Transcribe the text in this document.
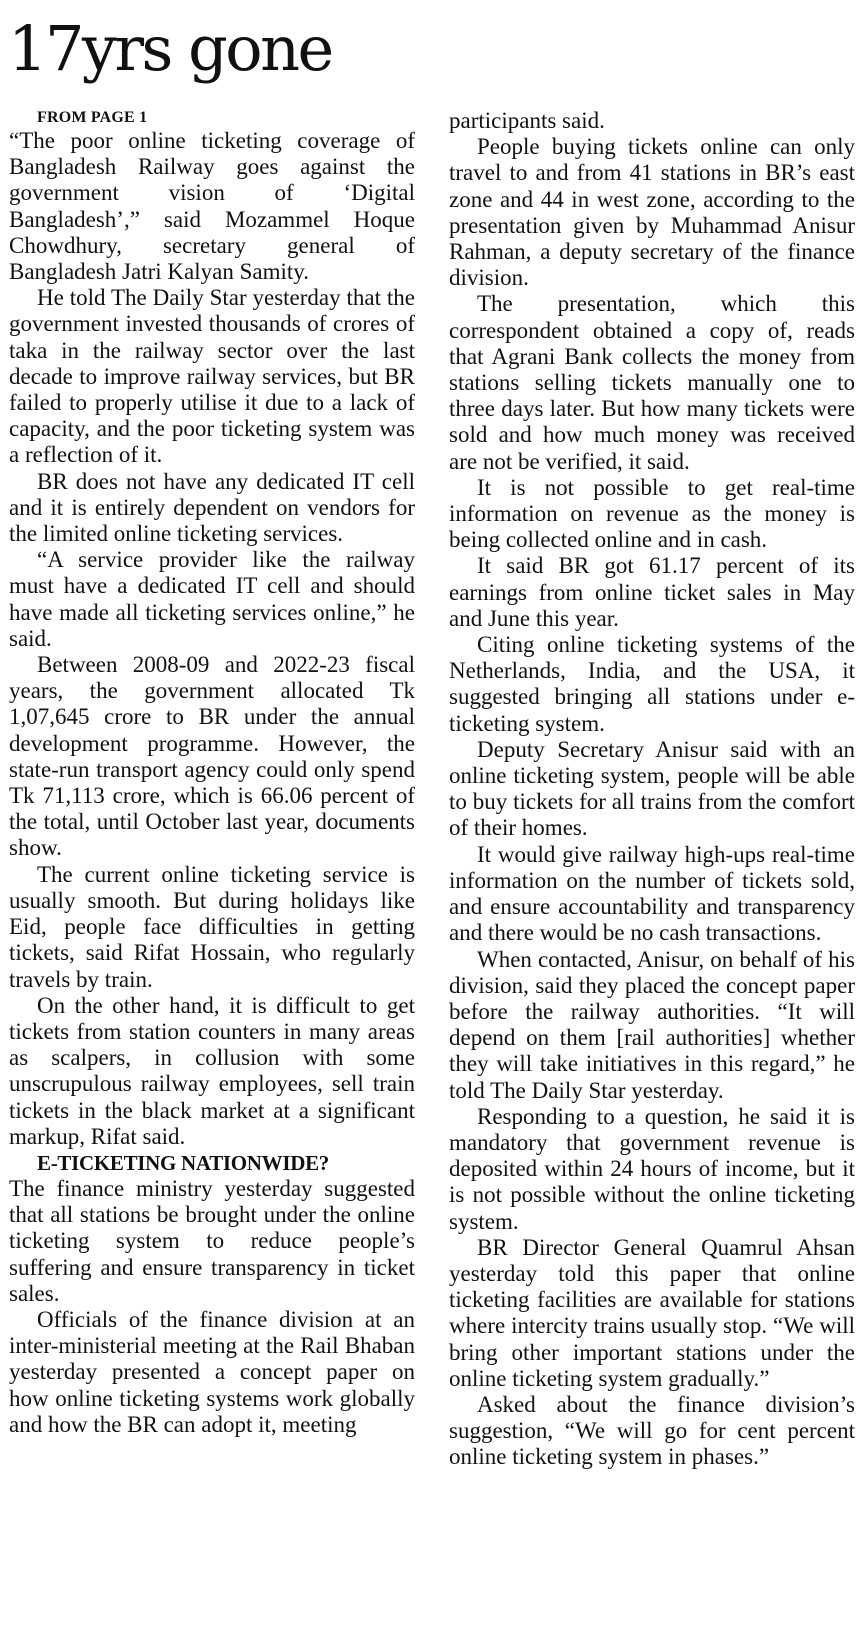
17yrs gone

FROM PAGE 1

“The poor online ticketing coverage of Bangladesh Railway goes against the government vision of ‘Digital Bangladesh’,” said Mozammel Hoque Chowdhury, secretary general of Bangladesh Jatri Kalyan Samity.

He told The Daily Star yesterday that the government invested thousands of crores of taka in the railway sector over the last decade to improve railway services, but BR failed to properly utilise it due to a lack of capacity, and the poor ticketing system was a reflection of it.

BR does not have any dedicated IT cell and it is entirely dependent on vendors for the limited online ticketing services.

“A service provider like the railway must have a dedicated IT cell and should have made all ticketing services online,” he said.

Between 2008-09 and 2022-23 fiscal years, the government allocated Tk 1,07,645 crore to BR under the annual development programme. However, the state-run transport agency could only spend Tk 71,113 crore, which is 66.06 percent of the total, until October last year, documents show.

The current online ticketing service is usually smooth. But during holidays like Eid, people face difficulties in getting tickets, said Rifat Hossain, who regularly travels by train.

On the other hand, it is difficult to get tickets from station counters in many areas as scalpers, in collusion with some unscrupulous railway employees, sell train tickets in the black market at a significant markup, Rifat said.

E-TICKETING NATIONWIDE?

The finance ministry yesterday suggested that all stations be brought under the online ticketing system to reduce people’s suffering and ensure transparency in ticket sales.

Officials of the finance division at an inter-ministerial meeting at the Rail Bhaban yesterday presented a concept paper on how online ticketing systems work globally and how the BR can adopt it, meeting

participants said.

People buying tickets online can only travel to and from 41 stations in BR’s east zone and 44 in west zone, according to the presentation given by Muhammad Anisur Rahman, a deputy secretary of the finance division.

The presentation, which this correspondent obtained a copy of, reads that Agrani Bank collects the money from stations selling tickets manually one to three days later. But how many tickets were sold and how much money was received are not be verified, it said.

It is not possible to get real-time information on revenue as the money is being collected online and in cash.

It said BR got 61.17 percent of its earnings from online ticket sales in May and June this year.

Citing online ticketing systems of the Netherlands, India, and the USA, it suggested bringing all stations under e-ticketing system.

Deputy Secretary Anisur said with an online ticketing system, people will be able to buy tickets for all trains from the comfort of their homes.

It would give railway high-ups real-time information on the number of tickets sold, and ensure accountability and transparency and there would be no cash transactions.

When contacted, Anisur, on behalf of his division, said they placed the concept paper before the railway authorities. “It will depend on them [rail authorities] whether they will take initiatives in this regard,” he told The Daily Star yesterday.

Responding to a question, he said it is mandatory that government revenue is deposited within 24 hours of income, but it is not possible without the online ticketing system.

BR Director General Quamrul Ahsan yesterday told this paper that online ticketing facilities are available for stations where intercity trains usually stop. “We will bring other important stations under the online ticketing system gradually.”

Asked about the finance division’s suggestion, “We will go for cent percent online ticketing system in phases.”
